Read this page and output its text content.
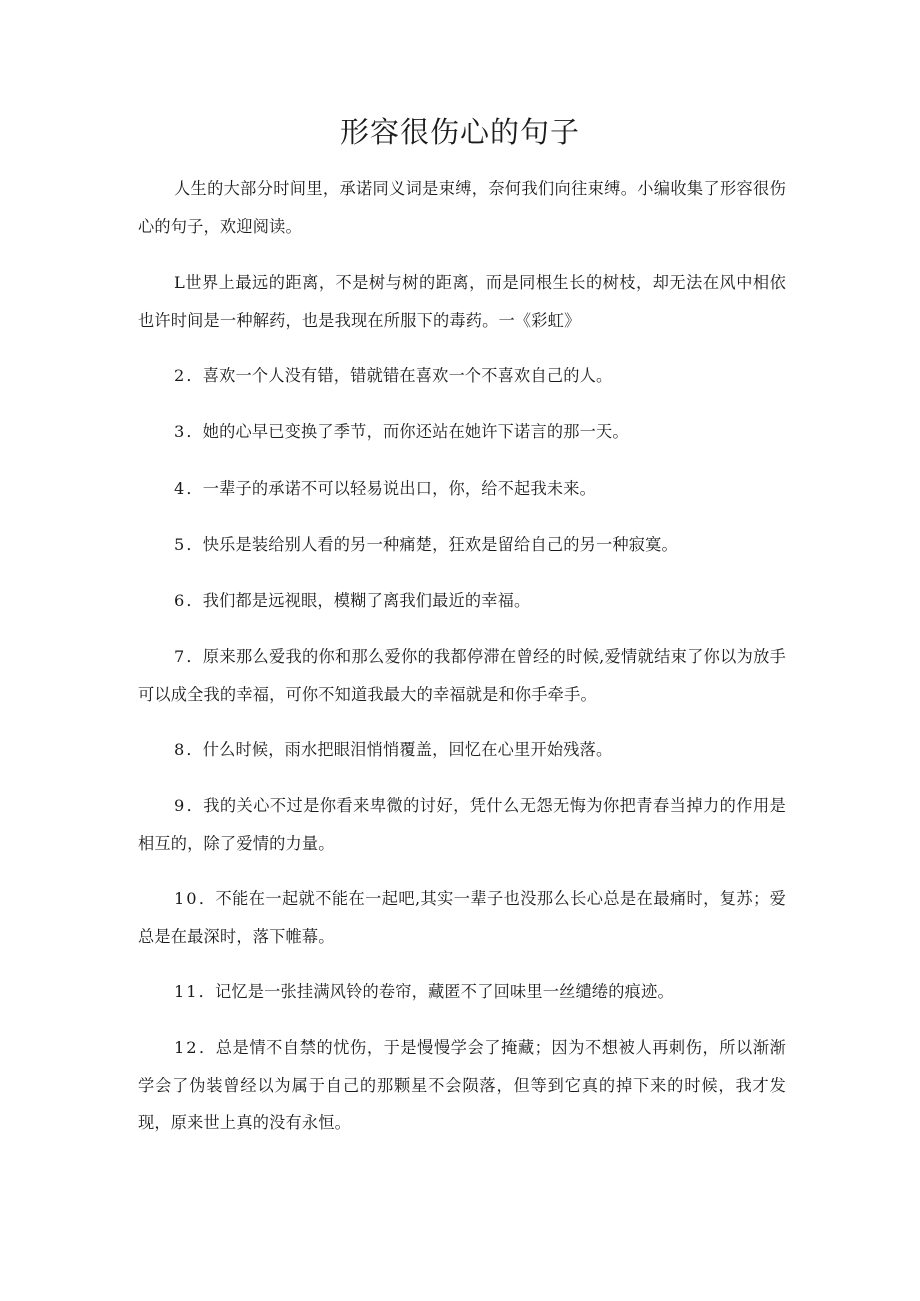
形容很伤心的句子

人生的大部分时间里，承诺同义词是束缚，奈何我们向往束缚。小编收集了形容很伤心的句子，欢迎阅读。

L世界上最远的距离，不是树与树的距离，而是同根生长的树枝，却无法在风中相依也许时间是一种解药，也是我现在所服下的毒药。一《彩虹》

2．喜欢一个人没有错，错就错在喜欢一个不喜欢自己的人。

3．她的心早已变换了季节，而你还站在她许下诺言的那一天。

4．一辈子的承诺不可以轻易说出口，你，给不起我未来。

5．快乐是装给别人看的另一种痛楚，狂欢是留给自己的另一种寂寞。

6．我们都是远视眼，模糊了离我们最近的幸福。

7．原来那么爱我的你和那么爱你的我都停滞在曾经的时候,爱情就结束了你以为放手可以成全我的幸福，可你不知道我最大的幸福就是和你手牵手。

8．什么时候，雨水把眼泪悄悄覆盖，回忆在心里开始残落。

9．我的关心不过是你看来卑微的讨好，凭什么无怨无悔为你把青春当掉力的作用是相互的，除了爱情的力量。

10．不能在一起就不能在一起吧,其实一辈子也没那么长心总是在最痛时，复苏；爱总是在最深时，落下帷幕。

11．记忆是一张挂满风铃的卷帘，藏匿不了回味里一丝缱绻的痕迹。

12．总是情不自禁的忧伤，于是慢慢学会了掩藏；因为不想被人再刺伤，所以渐渐学会了伪装曾经以为属于自己的那颗星不会陨落，但等到它真的掉下来的时候，我才发现，原来世上真的没有永恒。
